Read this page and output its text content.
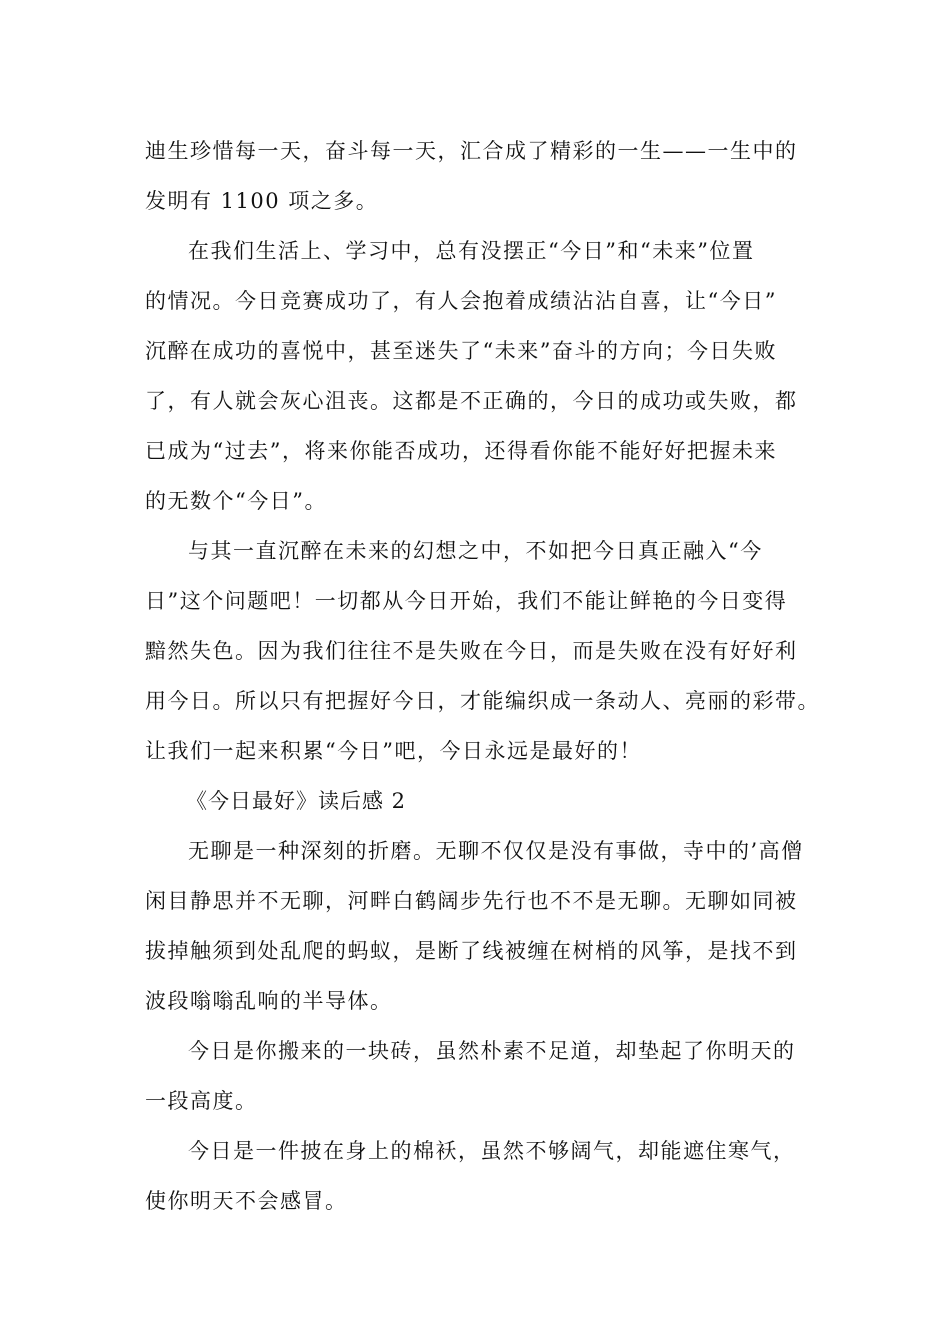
迪生珍惜每一天，奋斗每一天，汇合成了精彩的一生——一生中的
发明有 1100 项之多。
在我们生活上、学习中，总有没摆正“今日”和“未来”位置
的情况。今日竞赛成功了，有人会抱着成绩沾沾自喜，让“今日”
沉醉在成功的喜悦中，甚至迷失了“未来”奋斗的方向；今日失败
了，有人就会灰心沮丧。这都是不正确的，今日的成功或失败，都
已成为“过去”，将来你能否成功，还得看你能不能好好把握未来
的无数个“今日”。
与其一直沉醉在未来的幻想之中，不如把今日真正融入“今
日”这个问题吧！一切都从今日开始，我们不能让鲜艳的今日变得
黯然失色。因为我们往往不是失败在今日，而是失败在没有好好利
用今日。所以只有把握好今日，才能编织成一条动人、亮丽的彩带。
让我们一起来积累“今日”吧，今日永远是最好的！
《今日最好》读后感 2
无聊是一种深刻的折磨。无聊不仅仅是没有事做，寺中的’高僧
闲目静思并不无聊，河畔白鹤阔步先行也不不是无聊。无聊如同被
拔掉触须到处乱爬的蚂蚁，是断了线被缠在树梢的风筝，是找不到
波段嗡嗡乱响的半导体。
今日是你搬来的一块砖，虽然朴素不足道，却垫起了你明天的
一段高度。
今日是一件披在身上的棉袄，虽然不够阔气，却能遮住寒气，
使你明天不会感冒。
